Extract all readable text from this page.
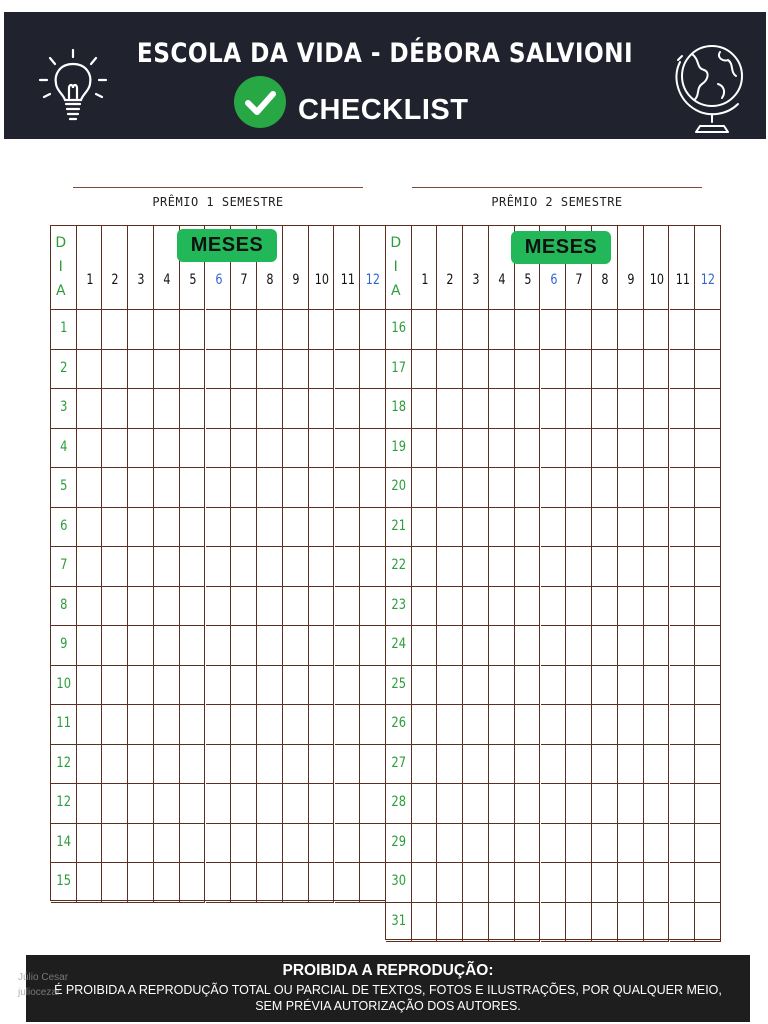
ESCOLA DA VIDA - DÉBORA SALVIONI
CHECKLIST
PRÊMIO 1 SEMESTRE	PRÊMIO 2 SEMESTRE
D
I
A
1	2	3	4	5	6	7	8	9	10 11 12
1
2
3
4
5
6
7
8
9
10
11
12
12
14
15
D
I
A
1	2	3	4	5	6	7	8	9	10 11 12
16
17
18
19
20
21
22
23
24
25
26
27
28
29
30
31
MESES	MESES
PROIBIDA A REPRODUÇÃO:
É PROIBIDA A REPRODUÇÃO TOTAL OU PARCIAL DE TEXTOS, FOTOS E ILUSTRAÇÕES, POR QUALQUER MEIO,
SEM PRÉVIA AUTORIZAÇÃO DOS AUTORES.
Júlio Cesar
juliocezar
